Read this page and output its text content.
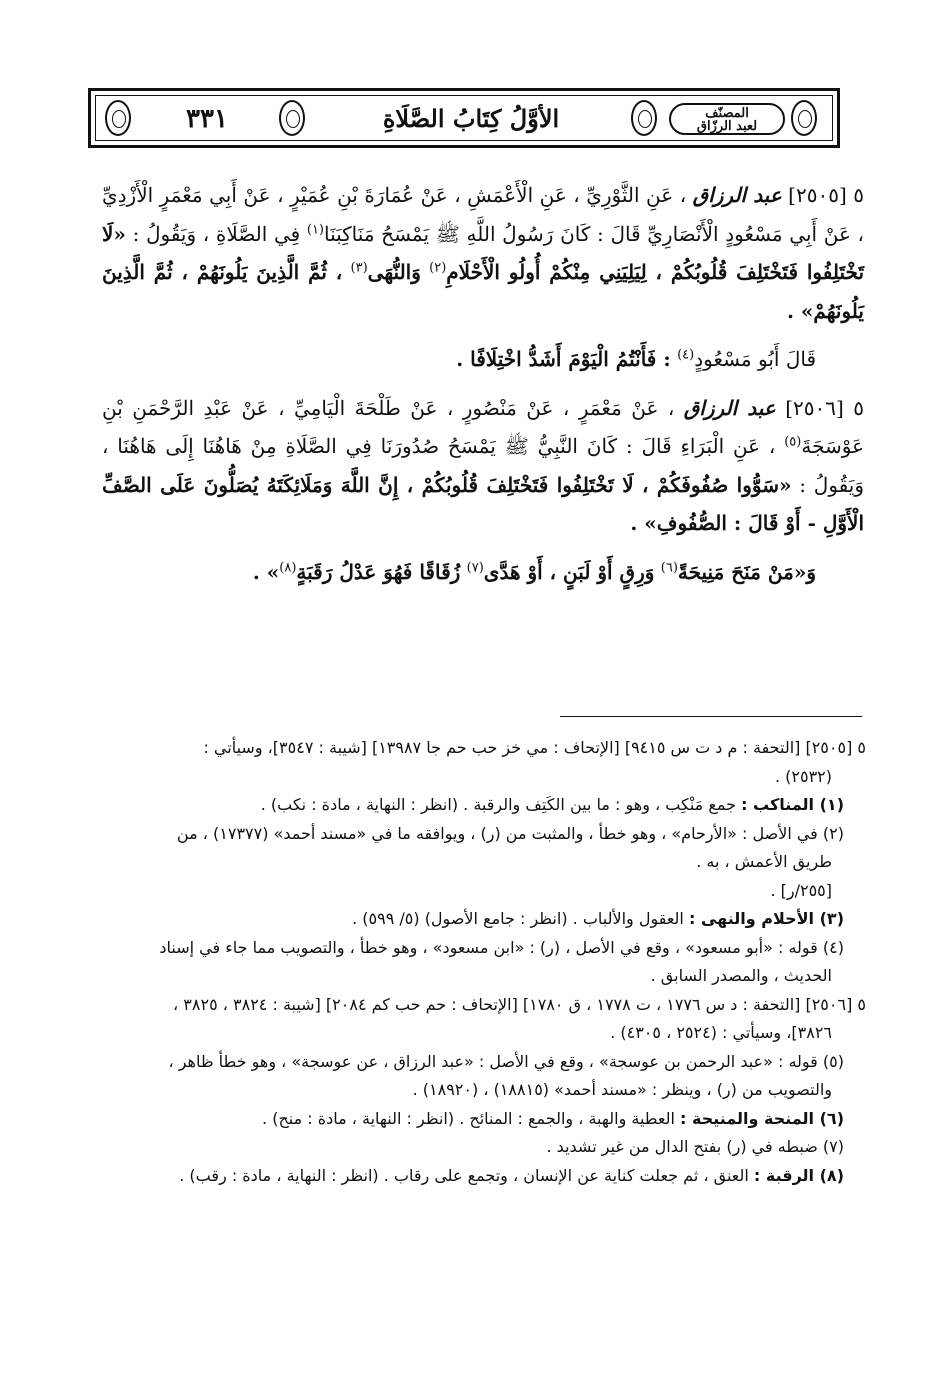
٣٣١	الأوَّلُ كِتَابُ الصَّلَاةِ	المصنّف
لعبد الرزّاق

٥ [٢٥٠٥] عبد الرزاق ، عَنِ الثَّوْرِيِّ ، عَنِ الْأَعْمَشِ ، عَنْ عُمَارَةَ بْنِ عُمَيْرٍ ، عَنْ أَبِي مَعْمَرٍ الْأَزْدِيِّ ، عَنْ أَبِي مَسْعُودٍ الْأَنْصَارِيِّ قَالَ : كَانَ رَسُولُ اللَّهِ ﷺ يَمْسَحُ مَنَاكِبَنَا$^{(١)}$ فِي الصَّلَاةِ ، وَيَقُولُ : «لَا تَخْتَلِفُوا فَتَخْتَلِفَ قُلُوبُكُمْ ، لِيَلِيَنِي مِنْكُمْ أُولُو الْأَحْلَامِ$^{(٢)}$ وَالنُّهَى$^{(٣)}$ ، ثُمَّ الَّذِينَ يَلُونَهُمْ ، ثُمَّ الَّذِينَ يَلُونَهُمْ» .

قَالَ أَبُو مَسْعُودٍ$^{(٤)}$ : فَأَنْتُمُ الْيَوْمَ أَشَدُّ اخْتِلَافًا .

٥ [٢٥٠٦] عبد الرزاق ، عَنْ مَعْمَرٍ ، عَنْ مَنْصُورٍ ، عَنْ طَلْحَةَ الْيَامِيِّ ، عَنْ عَبْدِ الرَّحْمَنِ بْنِ عَوْسَجَةَ$^{(٥)}$ ، عَنِ الْبَرَاءِ قَالَ : كَانَ النَّبِيُّ ﷺ يَمْسَحُ صُدُورَنَا فِي الصَّلَاةِ مِنْ هَاهُنَا إِلَى هَاهُنَا ، وَيَقُولُ : «سَوُّوا صُفُوفَكُمْ ، لَا تَخْتَلِفُوا فَتَخْتَلِفَ قُلُوبُكُمْ ، إِنَّ اللَّهَ وَمَلَائِكَتَهُ يُصَلُّونَ عَلَى الصَّفِّ الْأَوَّلِ - أَوْ قَالَ : الصُّفُوفِ» .

وَ«مَنْ مَنَحَ مَنِيحَةً$^{(٦)}$ وَرِقٍ أَوْ لَبَنٍ ، أَوْ هَدَّى$^{(٧)}$ زُقَاقًا فَهُوَ عَدْلُ رَقَبَةٍ$^{(٨)}$» .

٥ [٢٥٠٥] [التحفة : م د ت س ٩٤١٥] [الإتحاف : مي خز حب حم جا ١٣٩٨٧] [شيبة : ٣٥٤٧]، وسيأتي :

(٢٥٣٢) .

(١) المناكب : جمع مَنْكِب ، وهو : ما بين الكَتِف والرقبة . (انظر : النهاية ، مادة : نكب) .

(٢) في الأصل : «الأرحام» ، وهو خطأ ، والمثبت من (ر) ، ويوافقه ما في «مسند أحمد» (١٧٣٧٧) ، من

طريق الأعمش ، به .

[٢٥٥/ر] .

(٣) الأحلام والنهى : العقول والألباب . (انظر : جامع الأصول) (٥/ ٥٩٩) .

(٤) قوله : «أبو مسعود» ، وقع في الأصل ، (ر) : «ابن مسعود» ، وهو خطأ ، والتصويب مما جاء في إسناد

الحديث ، والمصدر السابق .

٥ [٢٥٠٦] [التحفة : د س ١٧٧٦ ، ت ١٧٧٨ ، ق ١٧٨٠] [الإتحاف : حم حب كم ٢٠٨٤] [شيبة : ٣٨٢٤ ، ٣٨٢٥ ،

٣٨٢٦]، وسيأتي : (٢٥٢٤ ، ٤٣٠٥) .

(٥) قوله : «عبد الرحمن بن عوسجة» ، وقع في الأصل : «عبد الرزاق ، عن عوسجة» ، وهو خطأ ظاهر ،

والتصويب من (ر) ، وينظر : «مسند أحمد» (١٨٨١٥) ، (١٨٩٢٠) .

(٦) المنحة والمنيحة : العطية والهبة ، والجمع : المنائح . (انظر : النهاية ، مادة : منح) .

(٧) ضبطه في (ر) بفتح الدال من غير تشديد .

(٨) الرقبة : العنق ، ثم جعلت كناية عن الإنسان ، وتجمع على رقاب . (انظر : النهاية ، مادة : رقب) .
